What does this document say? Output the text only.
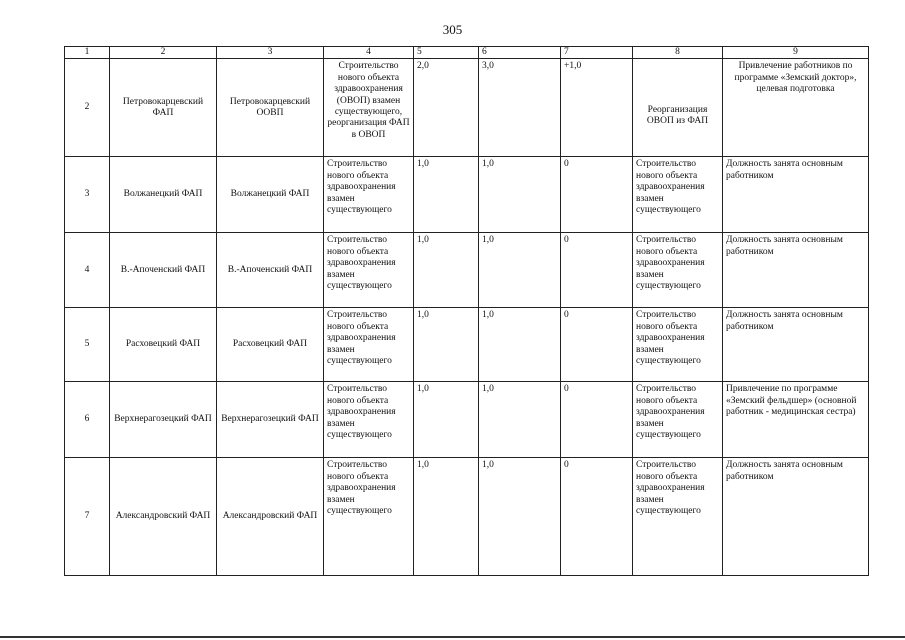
305
1	2	3	4	5	6	7	8	9
2	Петровокарцевский ФАП	Петровокарцевский ООВП	Строительство нового объекта здравоохранения (ОВОП) взамен существующего, реорганизация ФАП в ОВОП	2,0	3,0	+1,0	Реорганизация ОВОП из ФАП	Привлечение работников по программе «Земский доктор», целевая подготовка
3	Волжанецкий ФАП	Волжанецкий ФАП	Строительство нового объекта здравоохранения взамен существующего	1,0	1,0	0	Строительство нового объекта здравоохранения взамен существующего	Должность занята основным работником
4	В.-Апоченский ФАП	В.-Апоченский ФАП	Строительство нового объекта здравоохранения взамен существующего	1,0	1,0	0	Строительство нового объекта здравоохранения взамен существующего	Должность занята основным работником
5	Расховецкий ФАП	Расховецкий ФАП	Строительство нового объекта здравоохранения взамен существующего	1,0	1,0	0	Строительство нового объекта здравоохранения взамен существующего	Должность занята основным работником
6	Верхнерагозецкий ФАП	Верхнерагозецкий ФАП	Строительство нового объекта здравоохранения взамен существующего	1,0	1,0	0	Строительство нового объекта здравоохранения взамен существующего	Привлечение по программе «Земский фельдшер» (основной работник - медицинская сестра)
7	Александровский ФАП	Александровский ФАП	Строительство нового объекта здравоохранения взамен существующего	1,0	1,0	0	Строительство нового объекта здравоохранения взамен существующего	Должность занята основным работником
